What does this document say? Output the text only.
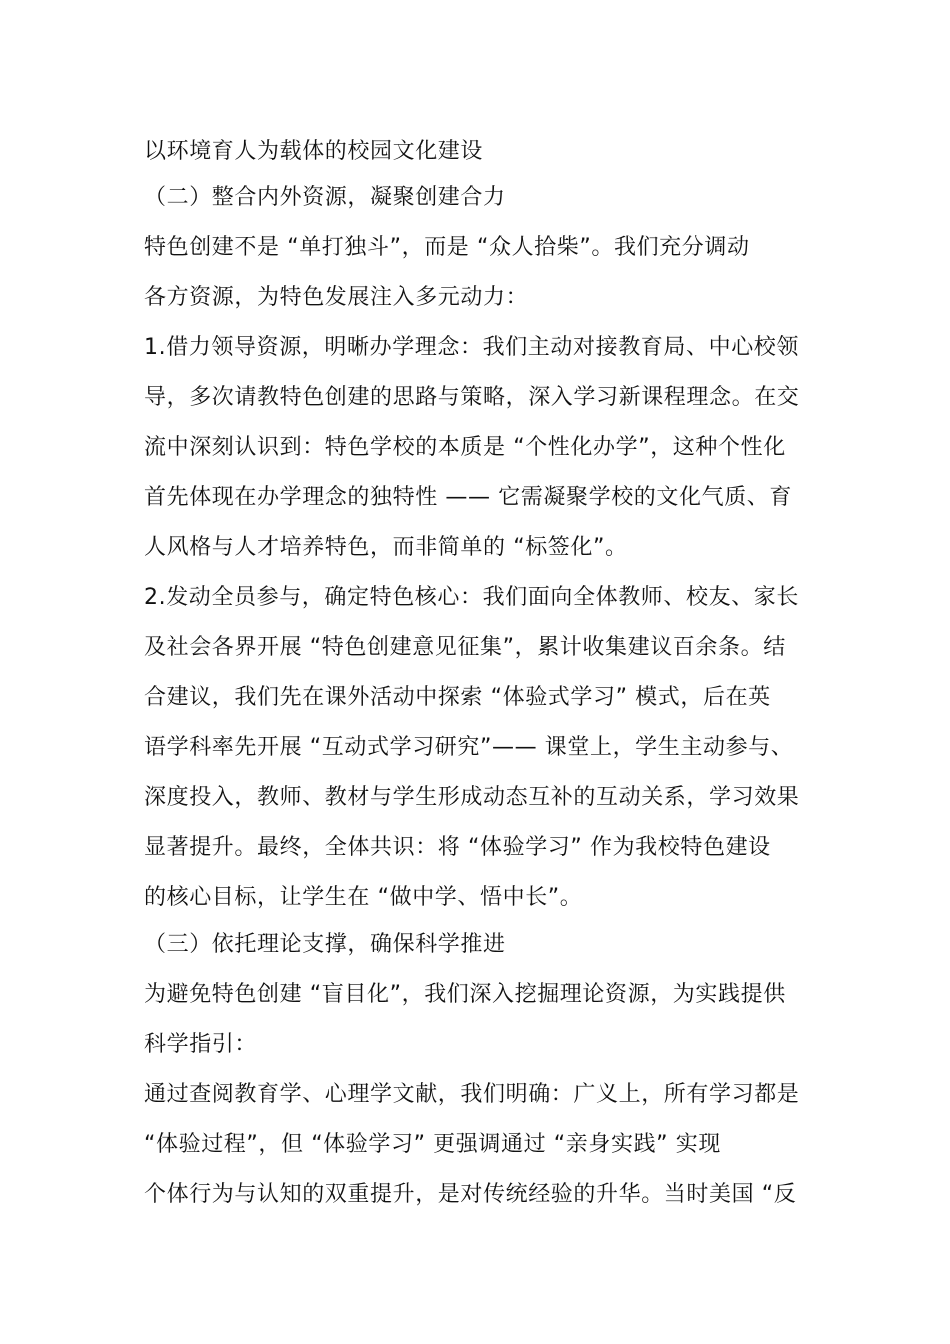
以环境育人为载体的校园文化建设
（二）整合内外资源，凝聚创建合力
特色创建不是 “单打独斗”，而是 “众人拾柴”。我们充分调动
各方资源，为特色发展注入多元动力：
1.借力领导资源，明晰办学理念：我们主动对接教育局、中心校领
导，多次请教特色创建的思路与策略，深入学习新课程理念。在交
流中深刻认识到：特色学校的本质是 “个性化办学”，这种个性化
首先体现在办学理念的独特性 —— 它需凝聚学校的文化气质、育
人风格与人才培养特色，而非简单的 “标签化”。
2.发动全员参与，确定特色核心：我们面向全体教师、校友、家长
及社会各界开展 “特色创建意见征集”，累计收集建议百余条。结
合建议，我们先在课外活动中探索 “体验式学习” 模式，后在英
语学科率先开展 “互动式学习研究”—— 课堂上，学生主动参与、
深度投入，教师、教材与学生形成动态互补的互动关系，学习效果
显著提升。最终，全体共识：将 “体验学习” 作为我校特色建设
的核心目标，让学生在 “做中学、悟中长”。
（三）依托理论支撑，确保科学推进
为避免特色创建 “盲目化”，我们深入挖掘理论资源，为实践提供
科学指引：
通过查阅教育学、心理学文献，我们明确：广义上，所有学习都是
“体验过程”，但 “体验学习” 更强调通过 “亲身实践” 实现
个体行为与认知的双重提升，是对传统经验的升华。当时美国 “反
